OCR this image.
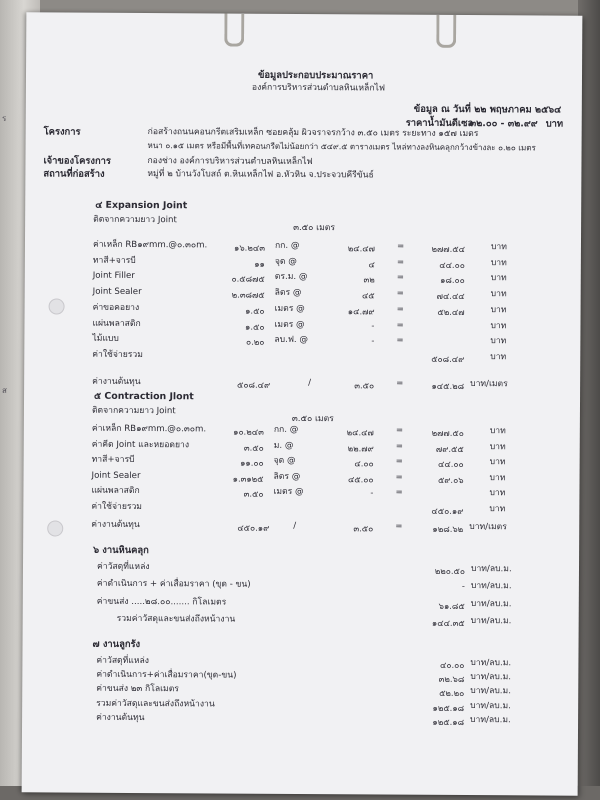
ร
ส
ข้อมูลประกอบประมาณราคา
องค์การบริหารส่วนตำบลหินเหล็กไฟ
ข้อมูล ณ วันที่ ๒๒ พฤษภาคม ๒๕๖๔
ราคาน้ำมันดีเซล
๓๒.๐๐ - ๓๒.๙๙ บาท
โครงการ	ก่อสร้างถนนคอนกรีตเสริมเหล็ก ซอยคลุ้ม ผิวจราจรกว้าง ๓.๕๐ เมตร ระยะทาง ๑๕๗ เมตร
หนา ๐.๑๕ เมตร หรือมีพื้นที่เทคอนกรีตไม่น้อยกว่า ๕๔๙.๕ ตารางเมตร ไหล่ทางลงหินคลุกกว้างข้างละ ๐.๒๐ เมตร
เจ้าของโครงการ	กองช่าง องค์การบริหารส่วนตำบลหินเหล็กไฟ
สถานที่ก่อสร้าง	หมู่ที่ ๒ บ้านวังโบสถ์ ต.หินเหล็กไฟ อ.หัวหิน จ.ประจวบคีรีขันธ์
๔ Expansion Joint
ติดจากความยาว Joint
๓.๕๐ เมตร
ค่าเหล็ก RB๑๙mm.@๐.๓๐m.	๑๖.๒๔๓ กก. @	๒๔.๔๗	=	๒๗๗.๕๔	บาท
ทาสี+จารบี	๑๑ จุด @	๔	=	๔๔.๐๐	บาท
Joint Filler	๐.๕๘๗๕ ตร.ม. @	๓๒	=	๑๘.๐๐	บาท
Joint Sealer	๒.๓๘๗๕ ลิตร @	๔๕	=	๗๔.๔๔	บาท
ค่าขอคอยาง	๑.๕๐ เมตร @	๑๔.๗๙	=	๕๒.๔๗	บาท
แผ่นพลาสติก	๑.๕๐ เมตร @	-	=	บาท
ไม้แบบ	๐.๒๐ ลบ.ฟ. @	-	=	บาท
ค่าใช้จ่ายรวม	๕๐๘.๔๙	บาท
ค่างานต้นทุน	๕๐๘.๔๙	/	๓.๕๐	=	๑๔๕.๒๘ บาท/เมตร
๕ Contraction Jlont
ติดจากความยาว Joint
๓.๕๐ เมตร
ค่าเหล็ก RB๑๙mm.@๐.๓๐m.	๑๐.๒๔๓ กก. @	๒๔.๔๗	=	๒๗๗.๕๐	บาท
ค่าคีด Joint และหยอดยาง	๓.๕๐ ม. @	๒๒.๗๙	=	๗๙.๕๕	บาท
ทาสี+จารบี	๑๑.๐๐ จุด @	๔.๐๐	=	๔๔.๐๐	บาท
Joint Sealer	๑.๓๑๒๕ ลิตร @	๔๕.๐๐	=	๕๙.๐๖	บาท
แผ่นพลาสติก	๓.๕๐ เมตร @	-	=	บาท
ค่าใช้จ่ายรวม	๔๕๐.๑๙	บาท
ค่างานต้นทุน	๔๕๐.๑๙	/	๓.๕๐	=	๑๒๘.๖๒ บาท/เมตร
๖ งานหินคลุก
ค่าวัสดุที่แหล่ง	๒๒๐.๕๐ บาท/ลบ.ม.
ค่าดำเนินการ + ค่าเสื่อมราคา (ขุด - ขน)	- บาท/ลบ.ม.
ค่าขนส่ง .....๒๘.๐๐....... กิโลเมตร	๖๑.๘๕ บาท/ลบ.ม.
รวมค่าวัสดุและขนส่งถึงหน้างาน	๑๔๔.๓๕ บาท/ลบ.ม.
๗ งานลูกรัง
ค่าวัสดุที่แหล่ง	๔๐.๐๐ บาท/ลบ.ม.
ค่าดำเนินการ+ค่าเสื่อมราคา(ขุด-ขน)	๓๒.๖๘ บาท/ลบ.ม.
ค่าขนส่ง ๒๓ กิโลเมตร	๕๒.๒๐ บาท/ลบ.ม.
รวมค่าวัสดุและขนส่งถึงหน้างาน	๑๒๕.๑๘ บาท/ลบ.ม.
ค่างานต้นทุน	๑๒๕.๑๘ บาท/ลบ.ม.
